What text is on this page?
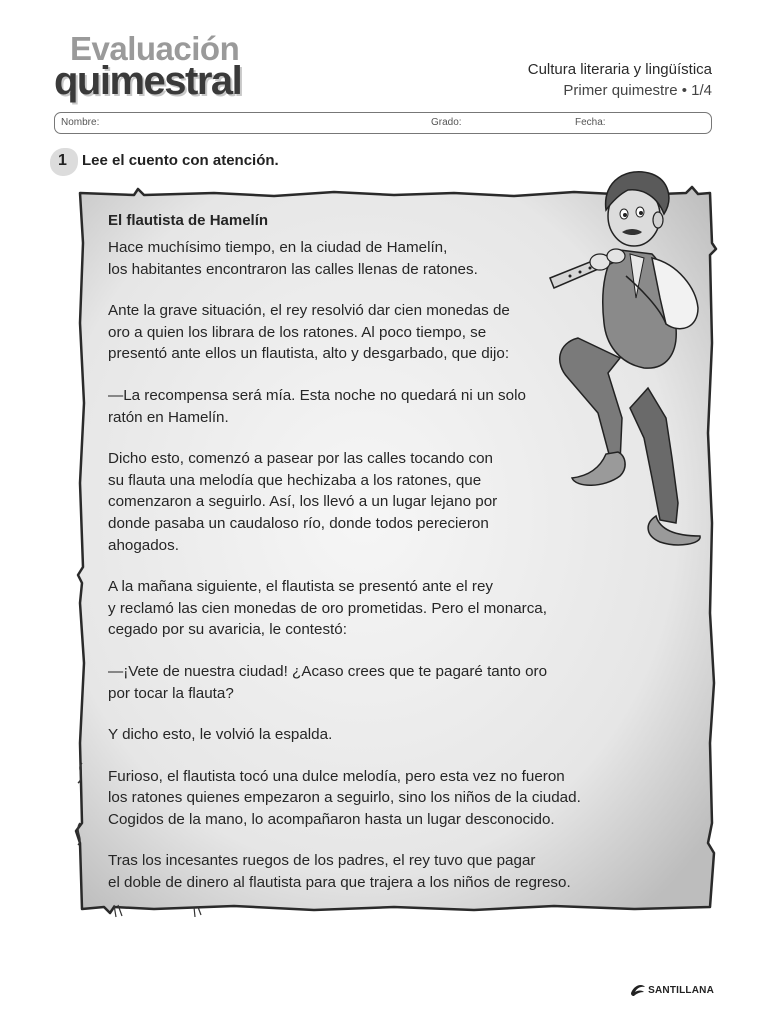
Evaluación
quimestral	Cultura literaria y lingüística
Primer quimestre • 1/4
Nombre:	Grado:	Fecha:
1 Lee el cuento con atención.
El flautista de Hamelín

Hace muchísimo tiempo, en la ciudad de Hamelín,
los habitantes encontraron las calles llenas de ratones.

Ante la grave situación, el rey resolvió dar cien monedas de
oro a quien los librara de los ratones. Al poco tiempo, se
presentó ante ellos un flautista, alto y desgarbado, que dijo:

—La recompensa será mía. Esta noche no quedará ni un solo
ratón en Hamelín.

Dicho esto, comenzó a pasear por las calles tocando con
su flauta una melodía que hechizaba a los ratones, que
comenzaron a seguirlo. Así, los llevó a un lugar lejano por
donde pasaba un caudaloso río, donde todos perecieron
ahogados.

A la mañana siguiente, el flautista se presentó ante el rey
y reclamó las cien monedas de oro prometidas. Pero el monarca,
cegado por su avaricia, le contestó:

—¡Vete de nuestra ciudad! ¿Acaso crees que te pagaré tanto oro
por tocar la flauta?

Y dicho esto, le volvió la espalda.

Furioso, el flautista tocó una dulce melodía, pero esta vez no fueron
los ratones quienes empezaron a seguirlo, sino los niños de la ciudad.
Cogidos de la mano, lo acompañaron hasta un lugar desconocido.

Tras los incesantes ruegos de los padres, el rey tuvo que pagar
el doble de dinero al flautista para que trajera a los niños de regreso.

SANTILLANA
